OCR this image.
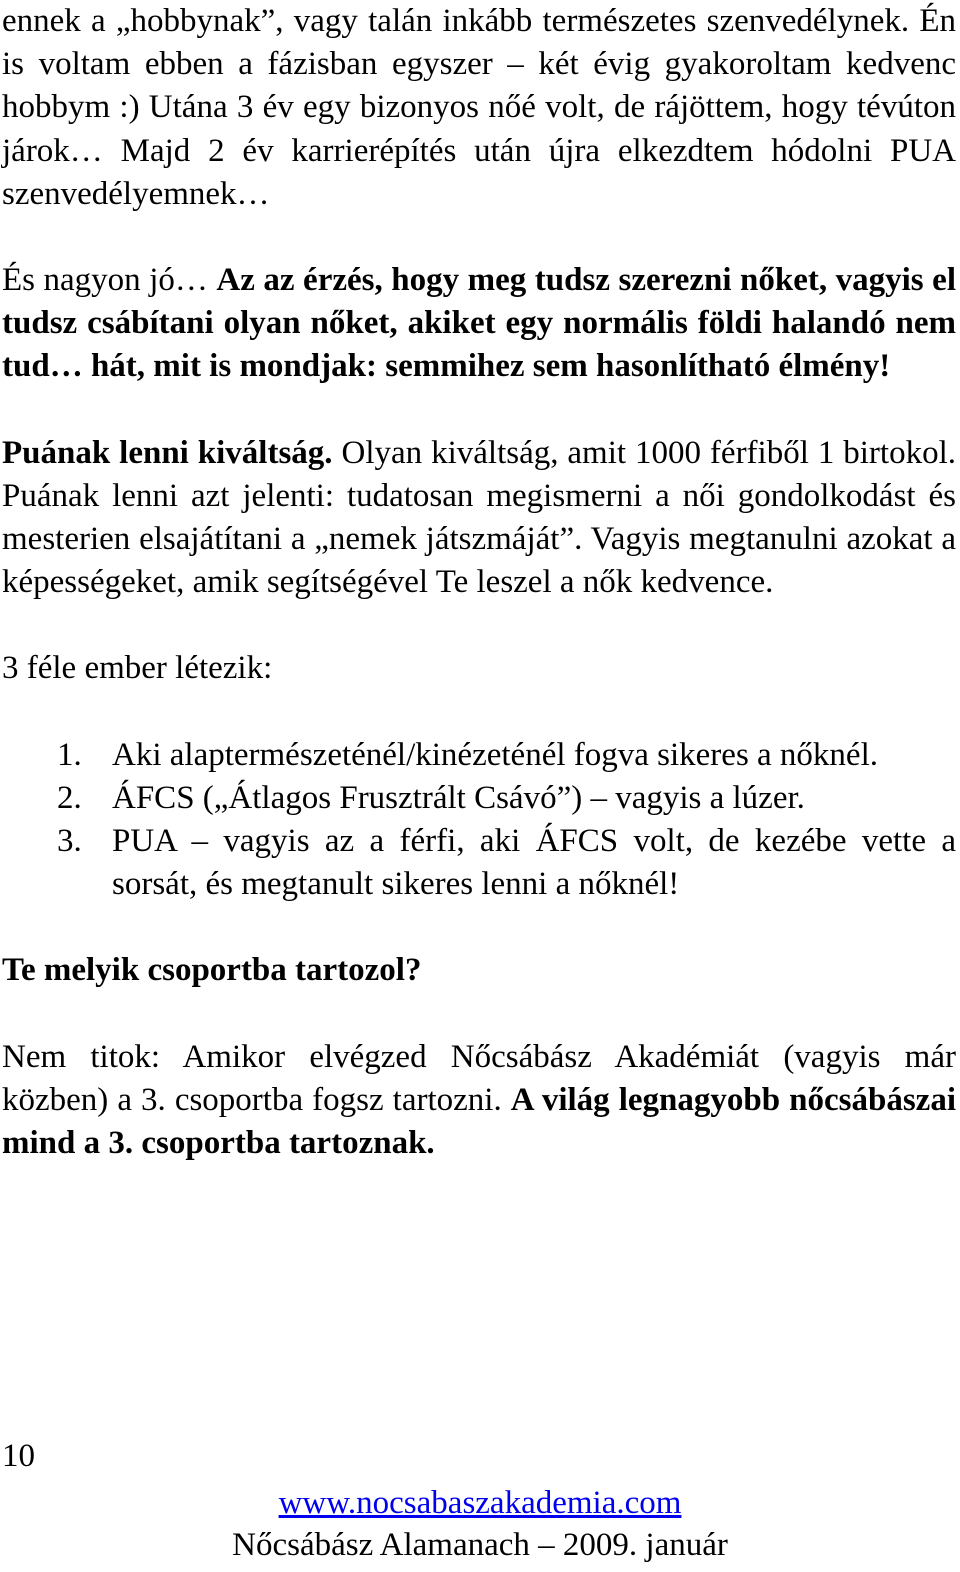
ennek a „hobbynak”, vagy talán inkább természetes szenvedélynek. Én is voltam ebben a fázisban egyszer – két évig gyakoroltam kedvenc hobbym :) Utána 3 év egy bizonyos nőé volt, de rájöttem, hogy tévúton járok… Majd 2 év karrierépítés után újra elkezdtem hódolni PUA szenvedélyemnek…

És nagyon jó… Az az érzés, hogy meg tudsz szerezni nőket, vagyis el tudsz csábítani olyan nőket, akiket egy normális földi halandó nem tud… hát, mit is mondjak: semmihez sem hasonlítható élmény!

Puának lenni kiváltság. Olyan kiváltság, amit 1000 férfiből 1 birtokol. Puának lenni azt jelenti: tudatosan megismerni a női gondolkodást és mesterien elsajátítani a „nemek játszmáját”. Vagyis megtanulni azokat a képességeket, amik segítségével Te leszel a nők kedvence.

3 féle ember létezik:

1. Aki alaptermészeténél/kinézeténél fogva sikeres a nőknél.
2. ÁFCS („Átlagos Frusztrált Csávó”) – vagyis a lúzer.
3. PUA – vagyis az a férfi, aki ÁFCS volt, de kezébe vette a sorsát, és megtanult sikeres lenni a nőknél!

Te melyik csoportba tartozol?

Nem titok: Amikor elvégzed Nőcsábász Akadémiát (vagyis már közben) a 3. csoportba fogsz tartozni. A világ legnagyobb nőcsábászai mind a 3. csoportba tartoznak.

10
www.nocsabaszakademia.com
Nőcsábász Alamanach – 2009. január
